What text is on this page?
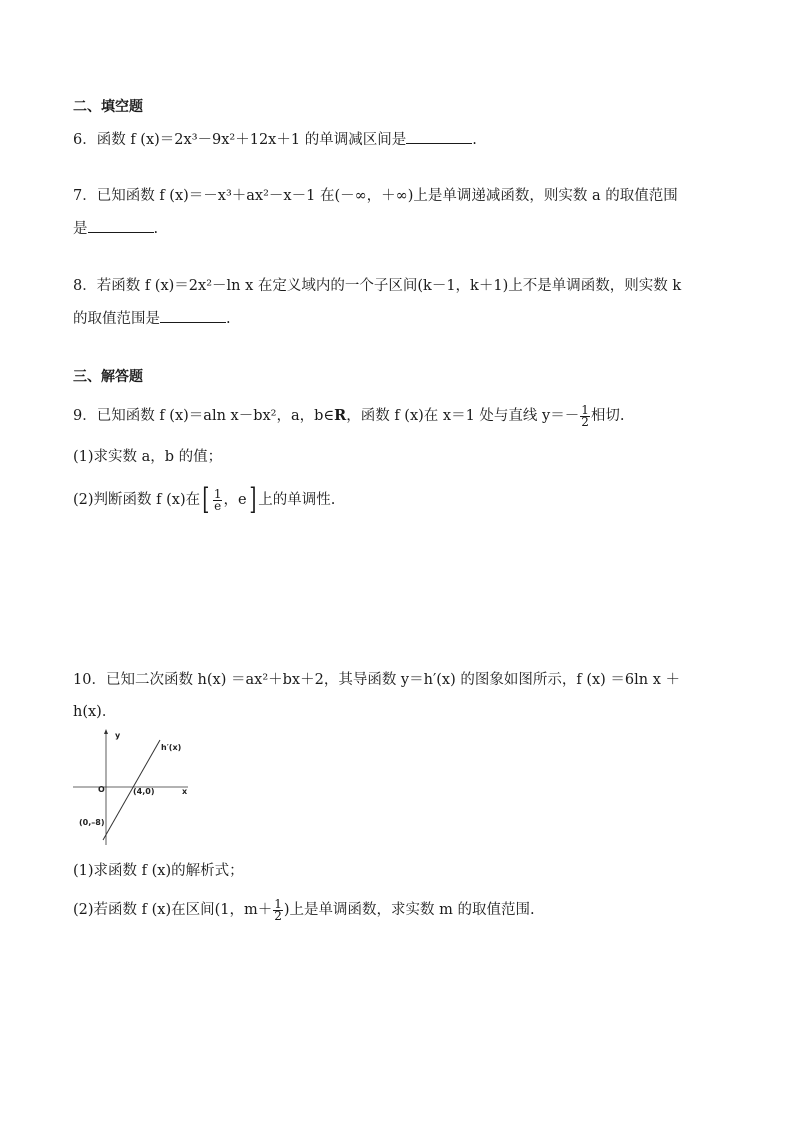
二、填空题
6．函数 f (x)＝2x³－9x²＋12x＋1 的单调减区间是	.
7．已知函数 f (x)＝－x³＋ax²－x－1 在(－∞，＋∞)上是单调递减函数，则实数 a 的取值范围
是	.
8．若函数 f (x)＝2x²－ln x 在定义域内的一个子区间(k－1，k＋1)上不是单调函数，则实数 k
的取值范围是	.
三、解答题
9．已知函数 f (x)＝aln x－bx²，a，b∈R，函数 f (x)在 x＝1 处与直线 $y=- \frac{1}{2}$ 相切.
(1)求实数 a，b 的值；
(2)判断函数 f (x)在[ $\frac{1}{e}$ ，e] 上的单调性.
10．已知二次函数 h(x) ＝ax²＋bx＋2，其导函数 y＝h′(x) 的图象如图所示，f (x) ＝6ln x ＋
h(x)．
y
x
O
h′(x)
(4,0)
(0,–8)
(1)求函数 f (x)的解析式；
(2)若函数 f (x)在区间(1，$m+ \frac{1}{2}$ )上是单调函数，求实数 m 的取值范围.
